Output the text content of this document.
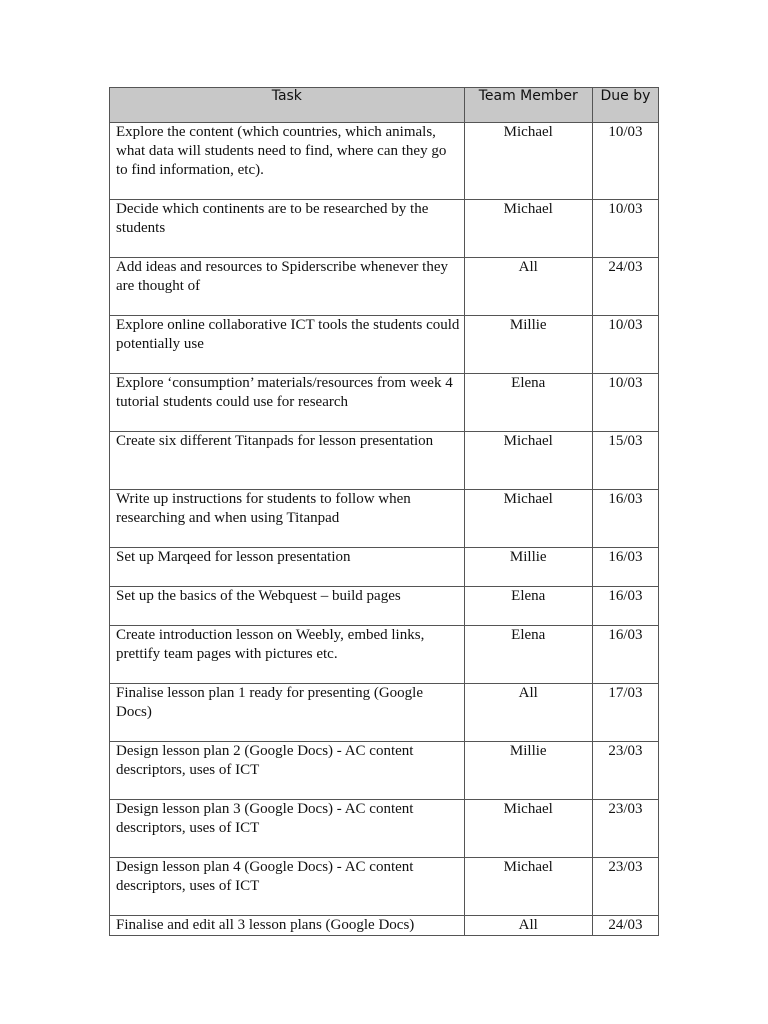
Task	Team Member	Due by
Explore the content (which countries, which animals, what data will students need to find, where can they go to find information, etc).	Michael	10/03
Decide which continents are to be researched by the students	Michael	10/03
Add ideas and resources to Spiderscribe whenever they are thought of	All	24/03
Explore online collaborative ICT tools the students could potentially use	Millie	10/03
Explore ‘consumption’ materials/resources from week 4 tutorial students could use for research	Elena	10/03
Create six different Titanpads for lesson presentation	Michael	15/03
Write up instructions for students to follow when researching and when using Titanpad	Michael	16/03
Set up Marqeed for lesson presentation	Millie	16/03
Set up the basics of the Webquest – build pages	Elena	16/03
Create introduction lesson on Weebly, embed links, prettify team pages with pictures etc.	Elena	16/03
Finalise lesson plan 1 ready for presenting (Google Docs)	All	17/03
Design lesson plan 2 (Google Docs) - AC content descriptors, uses of ICT	Millie	23/03
Design lesson plan 3 (Google Docs) - AC content descriptors, uses of ICT	Michael	23/03
Design lesson plan 4 (Google Docs) - AC content descriptors, uses of ICT	Michael	23/03
Finalise and edit all 3 lesson plans (Google Docs)	All	24/03
